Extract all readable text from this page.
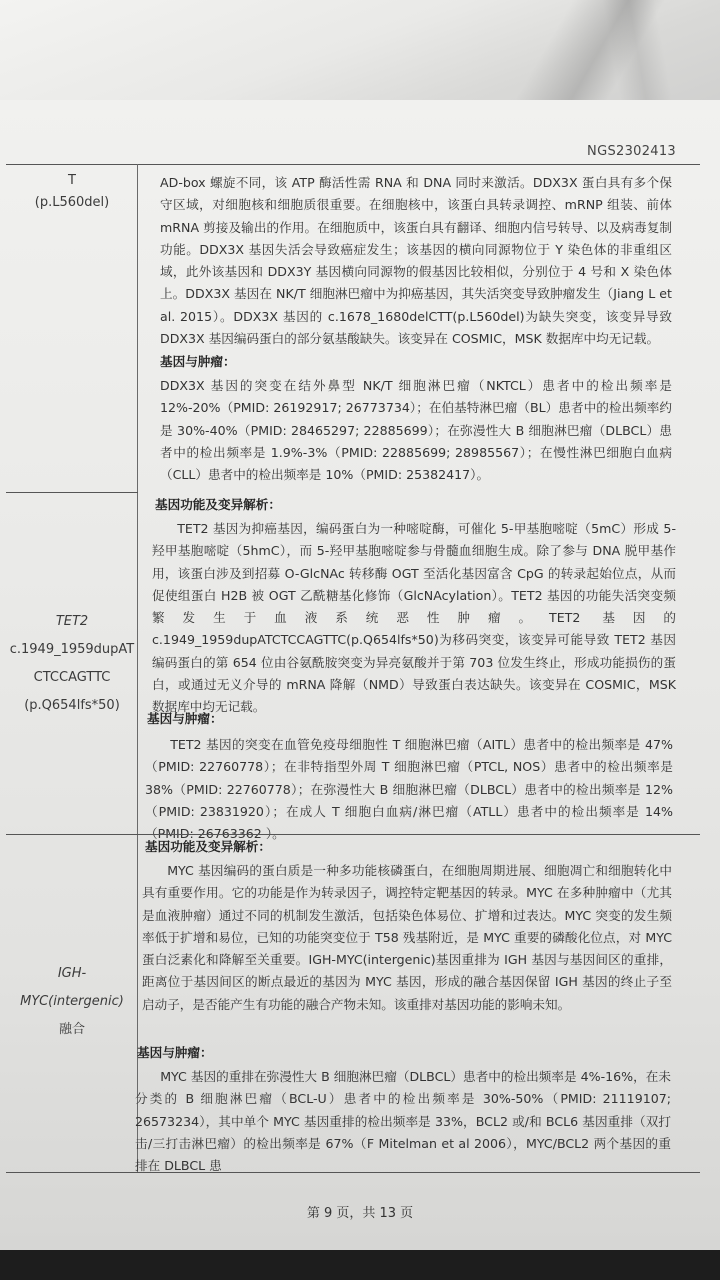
NGS2302413
T
(p.L560del)
AD-box 螺旋不同，该 ATP 酶活性需 RNA 和 DNA 同时来激活。DDX3X 蛋白具有多个保守区域，对细胞核和细胞质很重要。在细胞核中，该蛋白具转录调控、mRNP 组装、前体 mRNA 剪接及输出的作用。在细胞质中，该蛋白具有翻译、细胞内信号转导、以及病毒复制功能。DDX3X 基因失活会导致癌症发生；该基因的横向同源物位于 Y 染色体的非重组区域，此外该基因和 DDX3Y 基因横向同源物的假基因比较相似，分别位于 4 号和 X 染色体上。DDX3X 基因在 NK/T 细胞淋巴瘤中为抑癌基因，其失活突变导致肿瘤发生（Jiang L et al. 2015）。DDX3X 基因的 c.1678_1680delCTT(p.L560del)为缺失突变，该变异导致 DDX3X 基因编码蛋白的部分氨基酸缺失。该变异在 COSMIC，MSK 数据库中均无记载。
基因与肿瘤：
DDX3X 基因的突变在结外鼻型 NK/T 细胞淋巴瘤（NKTCL）患者中的检出频率是 12%-20%（PMID: 26192917; 26773734）；在伯基特淋巴瘤（BL）患者中的检出频率约是 30%-40%（PMID: 28465297; 22885699）；在弥漫性大 B 细胞淋巴瘤（DLBCL）患者中的检出频率是 1.9%-3%（PMID: 22885699; 28985567）；在慢性淋巴细胞白血病（CLL）患者中的检出频率是 10%（PMID: 25382417）。
基因功能及变异解析：
TET2 基因为抑癌基因，编码蛋白为一种嘧啶酶，可催化 5-甲基胞嘧啶（5mC）形成 5-羟甲基胞嘧啶（5hmC），而 5-羟甲基胞嘧啶参与骨髓血细胞生成。除了参与 DNA 脱甲基作用，该蛋白涉及到招募 O-GlcNAc 转移酶 OGT 至活化基因富含 CpG 的转录起始位点，从而促使组蛋白 H2B 被 OGT 乙酰糖基化修饰（GlcNAcylation）。TET2 基因的功能失活突变频繁发生于血液系统恶性肿瘤。TET2 基因的 c.1949_1959dupATCTCCAGTTC(p.Q654lfs*50)为移码突变，该变异可能导致 TET2 基因编码蛋白的第 654 位由谷氨酰胺突变为异亮氨酸并于第 703 位发生终止，形成功能损伤的蛋白，或通过无义介导的 mRNA 降解（NMD）导致蛋白表达缺失。该变异在 COSMIC，MSK 数据库中均无记载。
TET2
c.1949_1959dupAT
CTCCAGTTC
(p.Q654lfs*50)
基因与肿瘤：
TET2 基因的突变在血管免疫母细胞性 T 细胞淋巴瘤（AITL）患者中的检出频率是 47%（PMID: 22760778）；在非特指型外周 T 细胞淋巴瘤（PTCL, NOS）患者中的检出频率是 38%（PMID: 22760778）；在弥漫性大 B 细胞淋巴瘤（DLBCL）患者中的检出频率是 12%（PMID: 23831920）；在成人 T 细胞白血病/淋巴瘤（ATLL）患者中的检出频率是 14%（PMID: 26763362 ）。
基因功能及变异解析：
MYC 基因编码的蛋白质是一种多功能核磷蛋白，在细胞周期进展、细胞凋亡和细胞转化中具有重要作用。它的功能是作为转录因子，调控特定靶基因的转录。MYC 在多种肿瘤中（尤其是血液肿瘤）通过不同的机制发生激活，包括染色体易位、扩增和过表达。MYC 突变的发生频率低于扩增和易位，已知的功能突变位于 T58 残基附近，是 MYC 重要的磷酸化位点，对 MYC 蛋白泛素化和降解至关重要。IGH-MYC(intergenic)基因重排为 IGH 基因与基因间区的重排，距离位于基因间区的断点最近的基因为 MYC 基因，形成的融合基因保留 IGH 基因的终止子至启动子，是否能产生有功能的融合产物未知。该重排对基因功能的影响未知。
IGH-
MYC(intergenic)
融合
基因与肿瘤：
MYC 基因的重排在弥漫性大 B 细胞淋巴瘤（DLBCL）患者中的检出频率是 4%-16%，在未分类的 B 细胞淋巴瘤（BCL-U）患者中的检出频率是 30%-50%（PMID: 21119107; 26573234），其中单个 MYC 基因重排的检出频率是 33%，BCL2 或/和 BCL6 基因重排（双打击/三打击淋巴瘤）的检出频率是 67%（F Mitelman et al 2006），MYC/BCL2 两个基因的重排在 DLBCL 患
第 9 页，共 13 页
